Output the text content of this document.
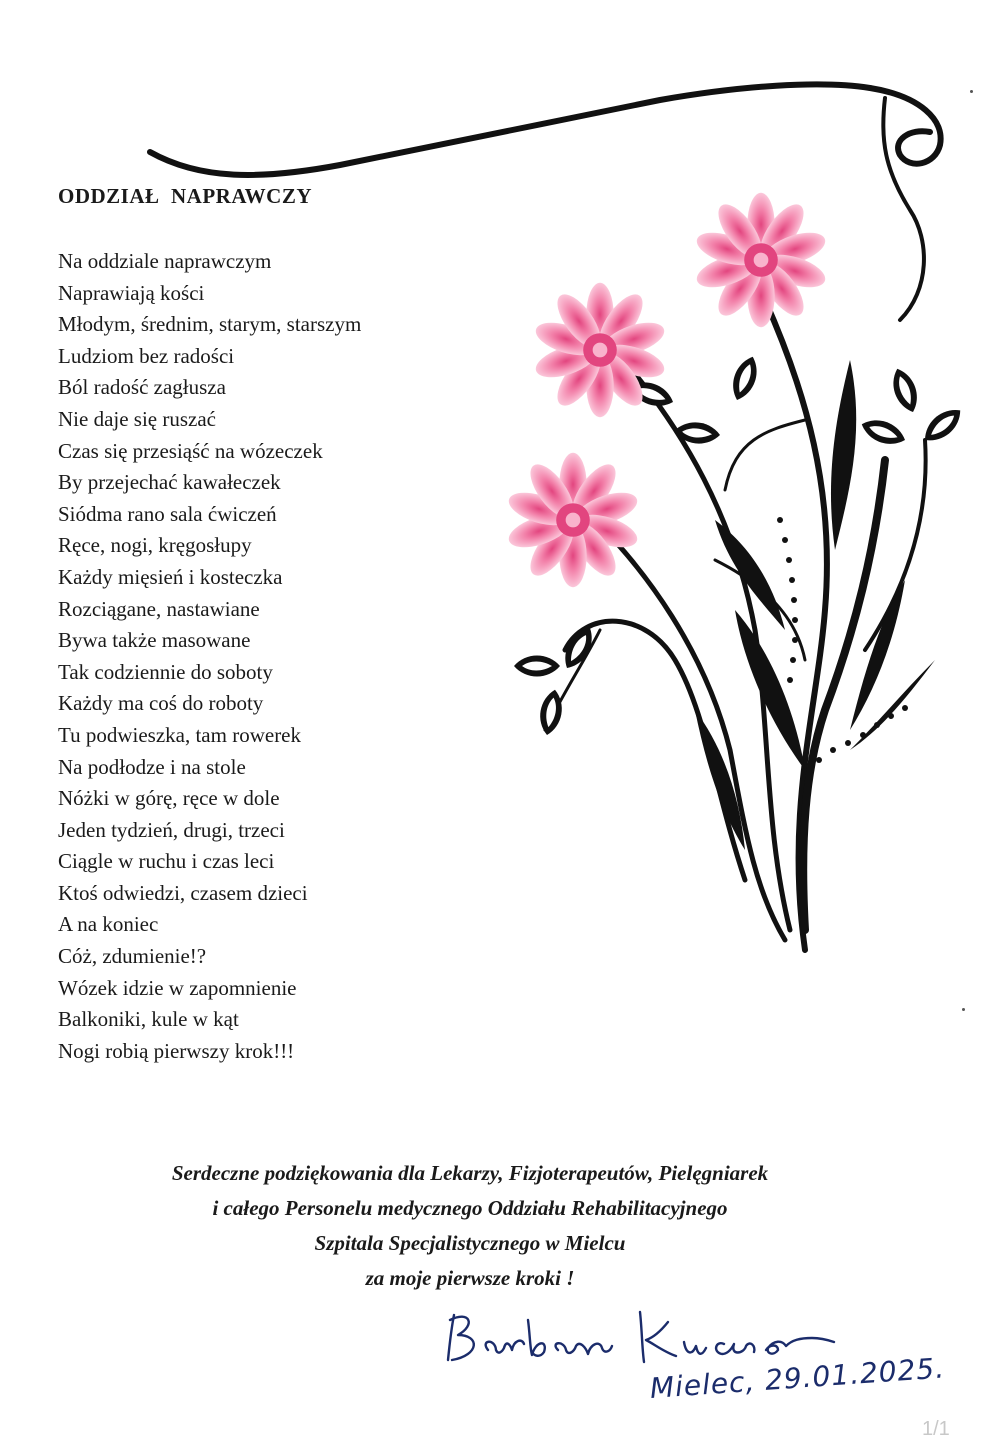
ODDZIAŁ  NAPRAWCZY
Na oddziale naprawczym
Naprawiają kości
Młodym, średnim, starym, starszym
Ludziom bez radości
Ból radość zagłusza
Nie daje się ruszać
Czas się przesiąść na wózeczek
By przejechać kawałeczek
Siódma rano sala ćwiczeń
Ręce, nogi, kręgosłupy
Każdy mięsień i kosteczka
Rozciągane, nastawiane
Bywa także masowane
Tak codziennie do soboty
Każdy ma coś do roboty
Tu podwieszka, tam rowerek
Na podłodze i na stole
Nóżki w górę, ręce w dole
Jeden tydzień, drugi, trzeci
Ciągle w ruchu i czas leci
Ktoś odwiedzi, czasem dzieci
A na koniec
Cóż, zdumienie!?
Wózek idzie w zapomnienie
Balkoniki, kule w kąt
Nogi robią pierwszy krok!!!
Serdeczne podziękowania dla Lekarzy, Fizjoterapeutów, Pielęgniarek
i całego Personelu medycznego Oddziału Rehabilitacyjnego
Szpitala Specjalistycznego w Mielcu
za moje pierwsze kroki !
Mielec, 29.01.2025.
1/1
